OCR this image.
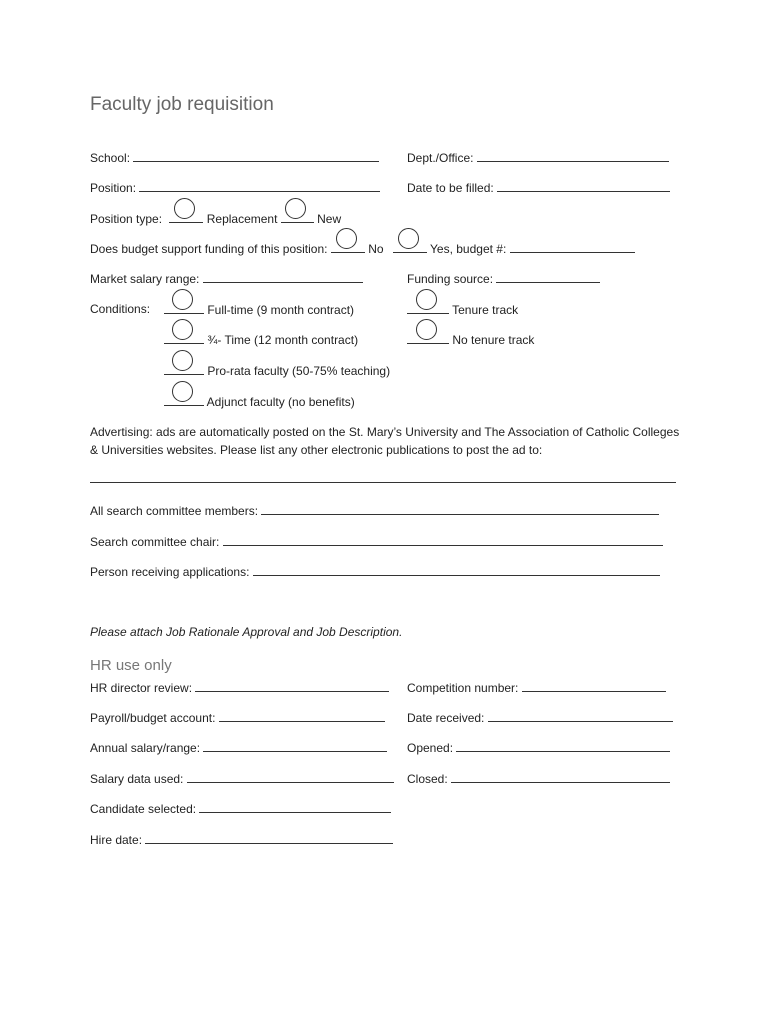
Faculty job requisition
School:	Dept./Office:
Position:	Date to be filled:
Position type:	Replacement	New
Does budget support funding of this position:	No	Yes, budget #:
Market salary range:	Funding source:
Conditions:	Full-time (9 month contract)	Tenure track
¾- Time (12 month contract)	No tenure track
Pro-rata faculty (50-75% teaching)
Adjunct faculty (no benefits)
Advertising: ads are automatically posted on the St. Mary’s University and The Association of Catholic Colleges & Universities websites. Please list any other electronic publications to post the ad to:
All search committee members:
Search committee chair:
Person receiving applications:
Please attach Job Rationale Approval and Job Description.
HR use only
HR director review:	Competition number:
Payroll/budget account:	Date received:
Annual salary/range:	Opened:
Salary data used:	Closed:
Candidate selected:
Hire date:
